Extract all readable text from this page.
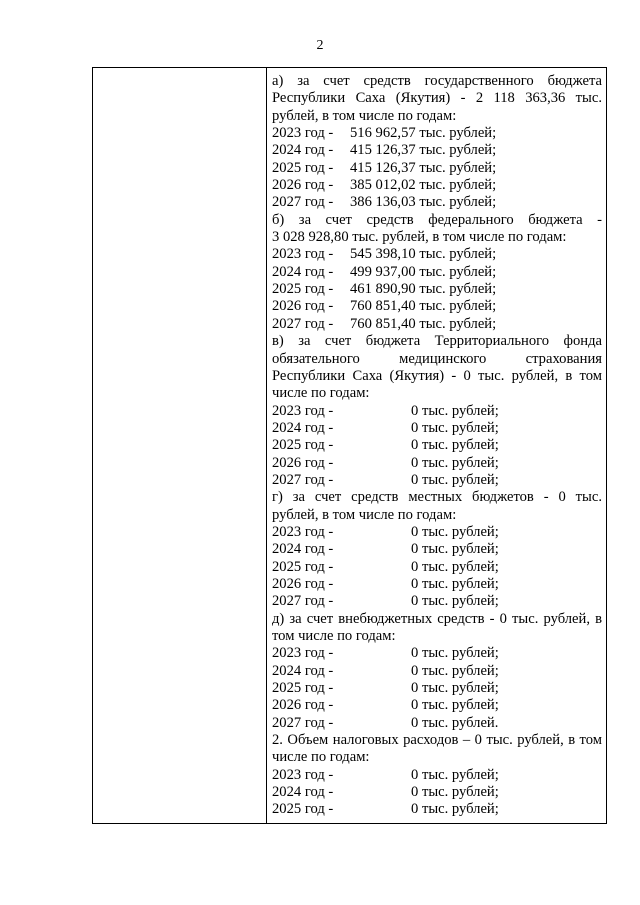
2
а) за счет средств государственного бюджета
Республики Саха (Якутия) - 2 118 363,36 тыс.
рублей, в том числе по годам:
2023 год - 516 962,57 тыс. рублей;
2024 год - 415 126,37 тыс. рублей;
2025 год - 415 126,37 тыс. рублей;
2026 год - 385 012,02 тыс. рублей;
2027 год - 386 136,03 тыс. рублей;
б) за счет средств федерального бюджета -
3 028 928,80 тыс. рублей, в том числе по годам:
2023 год - 545 398,10 тыс. рублей;
2024 год - 499 937,00 тыс. рублей;
2025 год - 461 890,90 тыс. рублей;
2026 год - 760 851,40 тыс. рублей;
2027 год - 760 851,40 тыс. рублей;
в) за счет бюджета Территориального фонда
обязательного медицинского страхования
Республики Саха (Якутия) - 0 тыс. рублей, в том
числе по годам:
2023 год -	0 тыс. рублей;
2024 год -	0 тыс. рублей;
2025 год -	0 тыс. рублей;
2026 год -	0 тыс. рублей;
2027 год -	0 тыс. рублей;
г) за счет средств местных бюджетов - 0 тыс.
рублей, в том числе по годам:
2023 год -	0 тыс. рублей;
2024 год -	0 тыс. рублей;
2025 год -	0 тыс. рублей;
2026 год -	0 тыс. рублей;
2027 год -	0 тыс. рублей;
д) за счет внебюджетных средств - 0 тыс. рублей, в
том числе по годам:
2023 год -	0 тыс. рублей;
2024 год -	0 тыс. рублей;
2025 год -	0 тыс. рублей;
2026 год -	0 тыс. рублей;
2027 год -	0 тыс. рублей.
2. Объем налоговых расходов – 0 тыс. рублей, в том
числе по годам:
2023 год -	0 тыс. рублей;
2024 год -	0 тыс. рублей;
2025 год -	0 тыс. рублей;
